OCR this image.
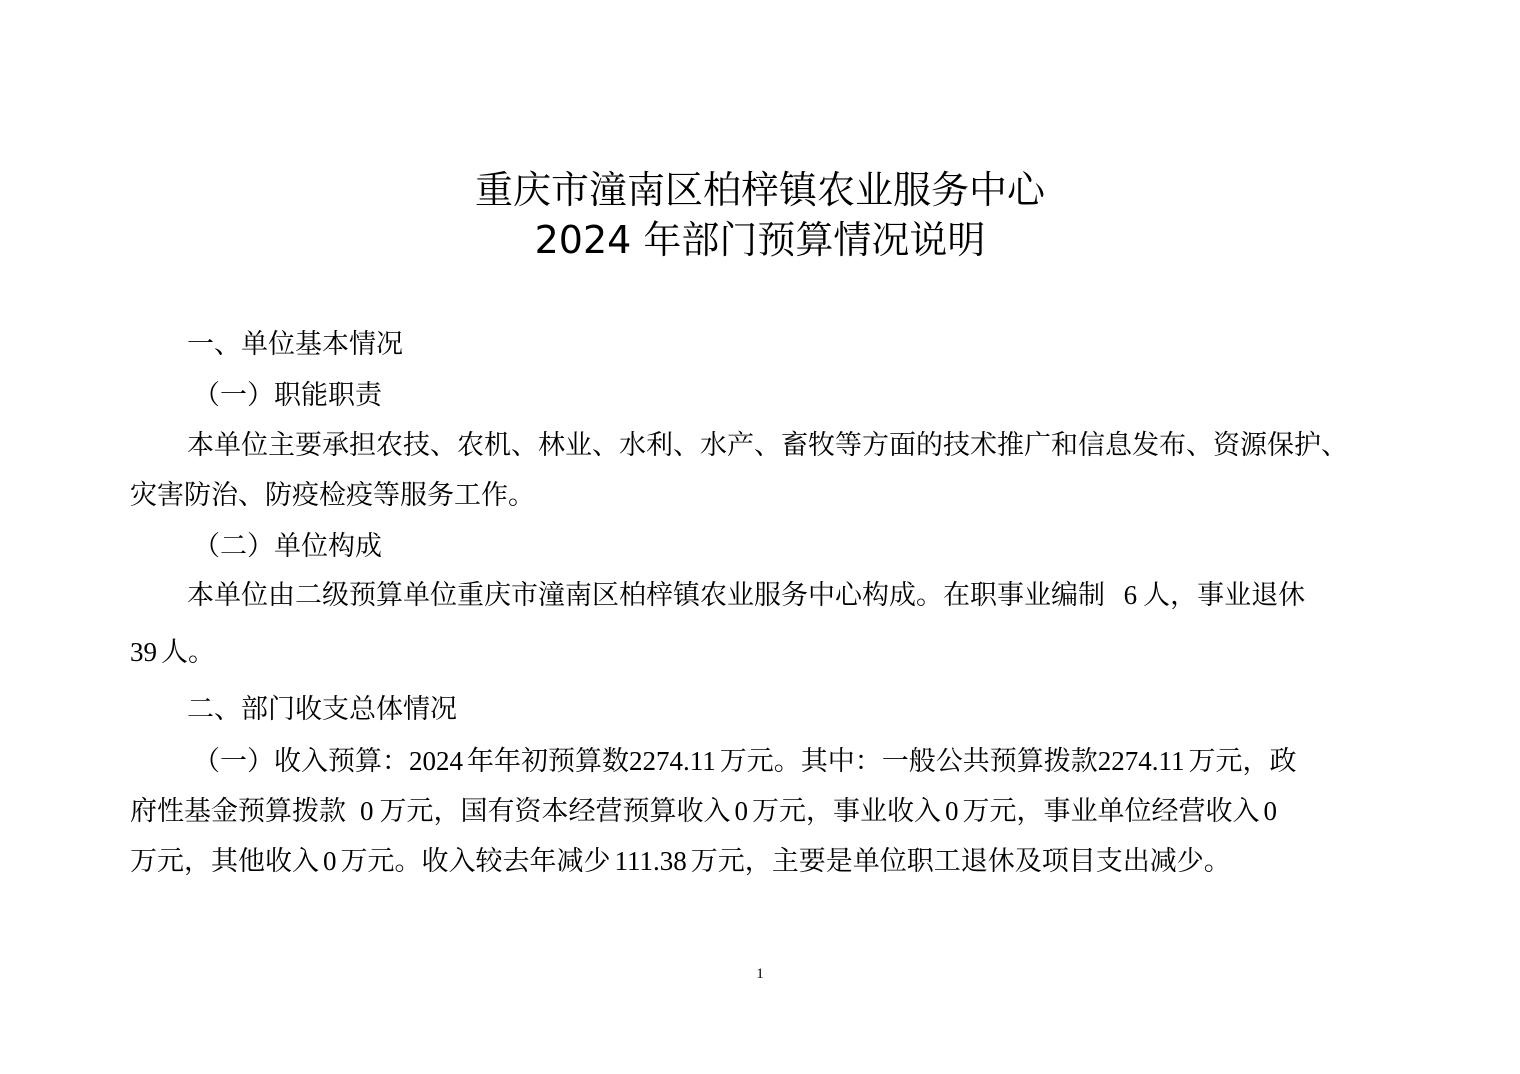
重庆市潼南区柏梓镇农业服务中心
2024 年部门预算情况说明
一、单位基本情况
（一）职能职责
本单位主要承担农技、农机、林业、水利、水产、畜牧等方面的技术推广和信息发布、资源保护、
灾害防治、防疫检疫等服务工作。
（二）单位构成
本单位由二级预算单位重庆市潼南区柏梓镇农业服务中心构成。在职事业编制 6 人，事业退休
39 人。
二、部门收支总体情况
（一）收入预算：2024 年年初预算数2274.11 万元。其中：一般公共预算拨款2274.11 万元，政
府性基金预算拨款 0 万元，国有资本经营预算收入 0 万元，事业收入 0 万元，事业单位经营收入 0
万元，其他收入 0 万元。收入较去年减少 111.38 万元，主要是单位职工退休及项目支出减少。
1
